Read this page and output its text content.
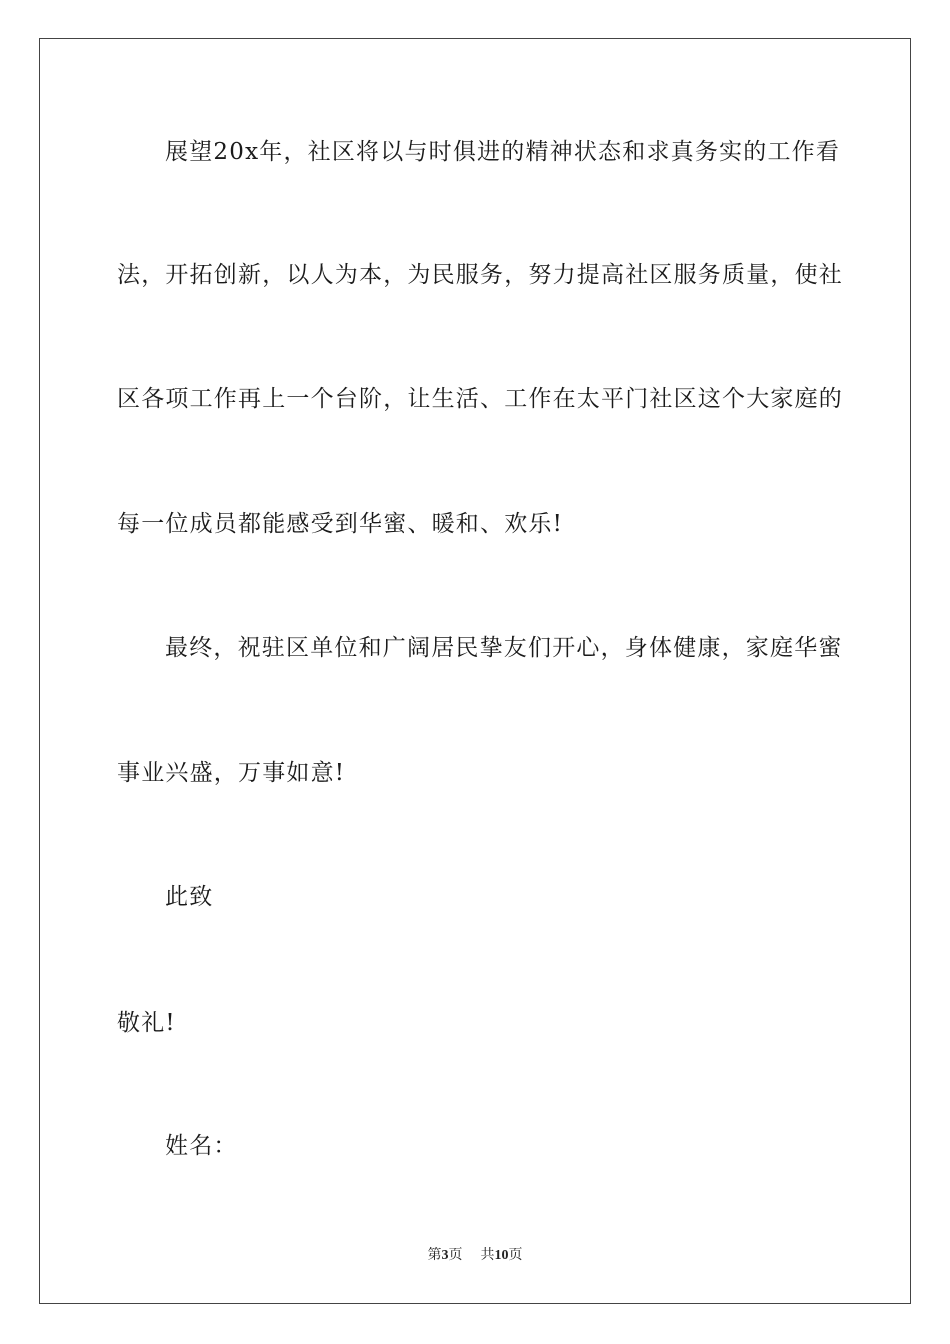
展望20x年，社区将以与时俱进的精神状态和求真务实的工作看
法，开拓创新，以人为本，为民服务，努力提高社区服务质量，使社
区各项工作再上一个台阶，让生活、工作在太平门社区这个大家庭的
每一位成员都能感受到华蜜、暖和、欢乐!
最终，祝驻区单位和广阔居民挚友们开心，身体健康，家庭华蜜
事业兴盛，万事如意!
此致
敬礼!
姓名：
第3页 共10页
